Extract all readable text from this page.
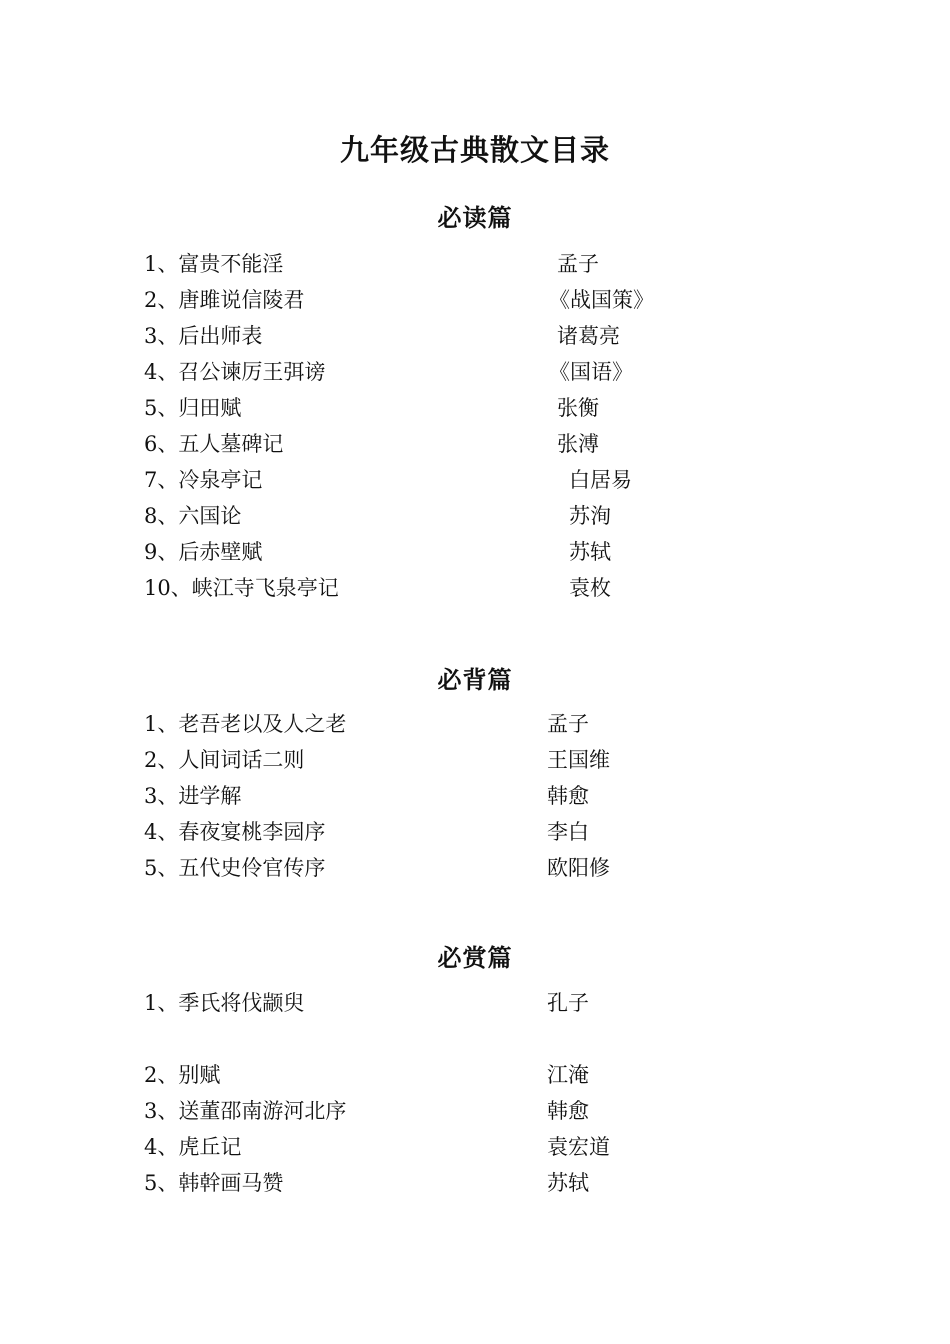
九年级古典散文目录
必读篇
1、富贵不能淫	孟子
2、唐雎说信陵君	《战国策》
3、后出师表	诸葛亮
4、召公谏厉王弭谤	《国语》
5、归田赋	张衡
6、五人墓碑记	张溥
7、冷泉亭记	白居易
8、六国论	苏洵
9、后赤壁赋	苏轼
10、峡江寺飞泉亭记	袁枚
必背篇
1、老吾老以及人之老	孟子
2、人间词话二则	王国维
3、进学解	韩愈
4、春夜宴桃李园序	李白
5、五代史伶官传序	欧阳修
必赏篇
1、季氏将伐颛臾	孔子
2、别赋	江淹
3、送董邵南游河北序	韩愈
4、虎丘记	袁宏道
5、韩幹画马赞	苏轼
